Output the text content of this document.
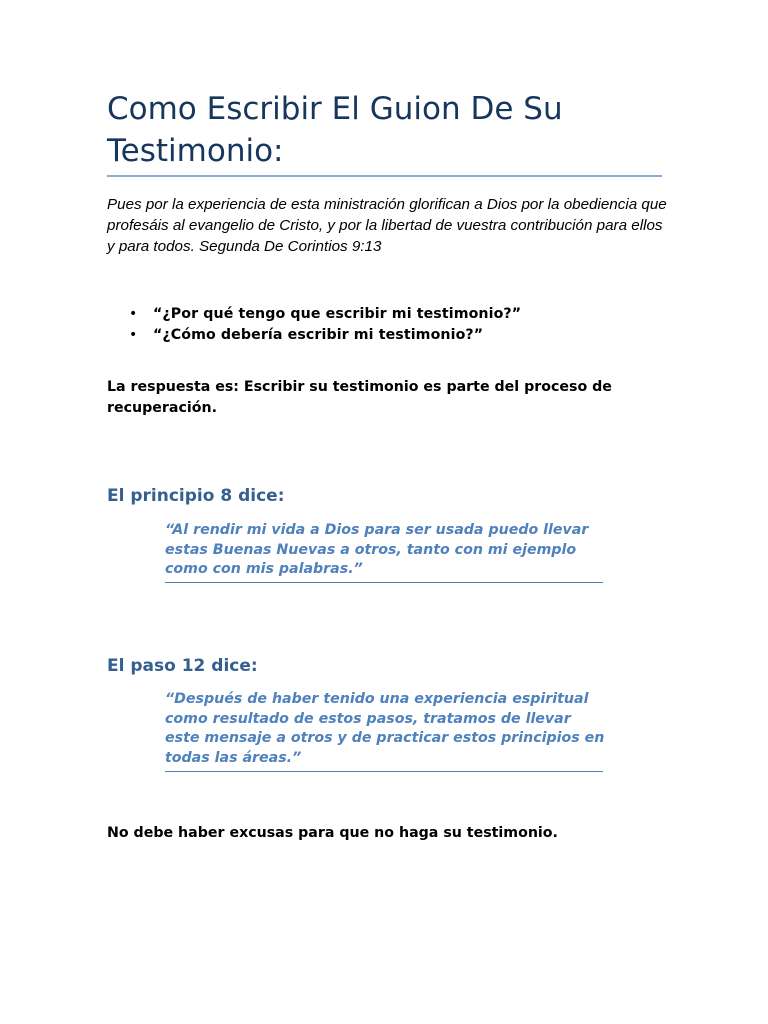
Como Escribir El Guion De Su Testimonio:

Pues por la experiencia de esta ministración glorifican a Dios por la obediencia que profesáis al evangelio de Cristo, y por la libertad de vuestra contribución para ellos y para todos. Segunda De Corintios 9:13

• “¿Por qué tengo que escribir mi testimonio?”
• “¿Cómo debería escribir mi testimonio?”

La respuesta es: Escribir su testimonio es parte del proceso de recuperación.

El principio 8 dice:

“Al rendir mi vida a Dios para ser usada puedo llevar estas Buenas Nuevas a otros, tanto con mi ejemplo como con mis palabras.”

El paso 12 dice:

“Después de haber tenido una experiencia espiritual como resultado de estos pasos, tratamos de llevar este mensaje a otros y de practicar estos principios en todas las áreas.”

No debe haber excusas para que no haga su testimonio.
